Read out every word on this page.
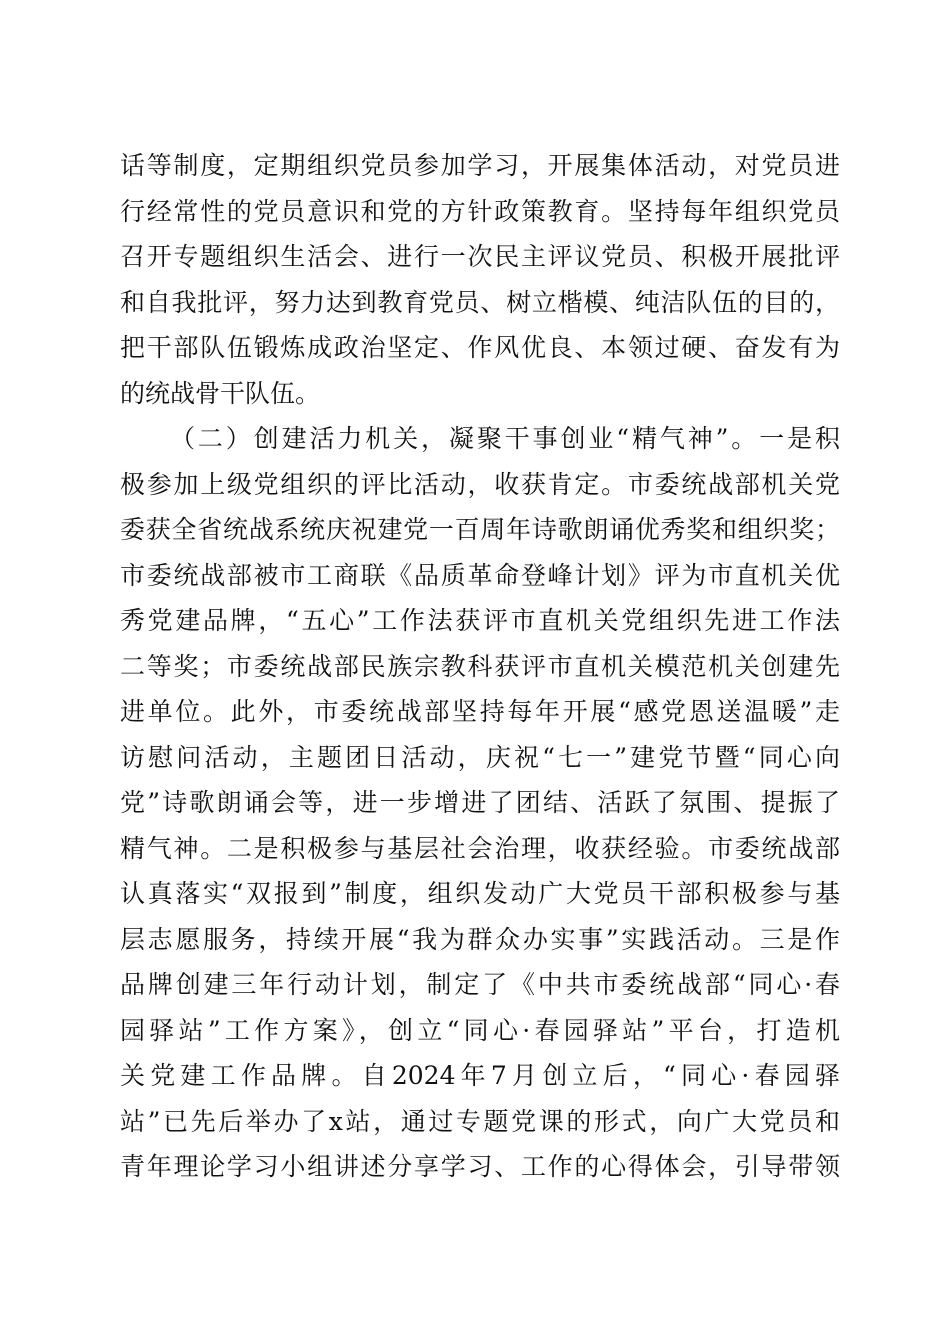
话等制度，定期组织党员参加学习，开展集体活动，对党员进
行经常性的党员意识和党的方针政策教育。坚持每年组织党员
召开专题组织生活会、进行一次民主评议党员、积极开展批评
和自我批评，努力达到教育党员、树立楷模、纯洁队伍的目的，
把干部队伍锻炼成政治坚定、作风优良、本领过硬、奋发有为
的统战骨干队伍。
（二）创建活力机关，凝聚干事创业“精气神”。一是积
极参加上级党组织的评比活动，收获肯定。市委统战部机关党
委获全省统战系统庆祝建党一百周年诗歌朗诵优秀奖和组织奖；
市委统战部被市工商联《品质革命登峰计划》评为市直机关优
秀党建品牌，“五心”工作法获评市直机关党组织先进工作法
二等奖；市委统战部民族宗教科获评市直机关模范机关创建先
进单位。此外，市委统战部坚持每年开展“感党恩送温暖”走
访慰问活动，主题团日活动，庆祝“七一”建党节暨“同心向
党”诗歌朗诵会等，进一步增进了团结、活跃了氛围、提振了
精气神。二是积极参与基层社会治理，收获经验。市委统战部
认真落实“双报到”制度，组织发动广大党员干部积极参与基
层志愿服务，持续开展“我为群众办实事”实践活动。三是作
品牌创建三年行动计划，制定了《中共市委统战部“同心·春
园驿站”工作方案》，创立“同心·春园驿站”平台，打造机
关党建工作品牌。自2024年7月创立后，“同心·春园驿
站”已先后举办了x站，通过专题党课的形式，向广大党员和
青年理论学习小组讲述分享学习、工作的心得体会，引导带领
